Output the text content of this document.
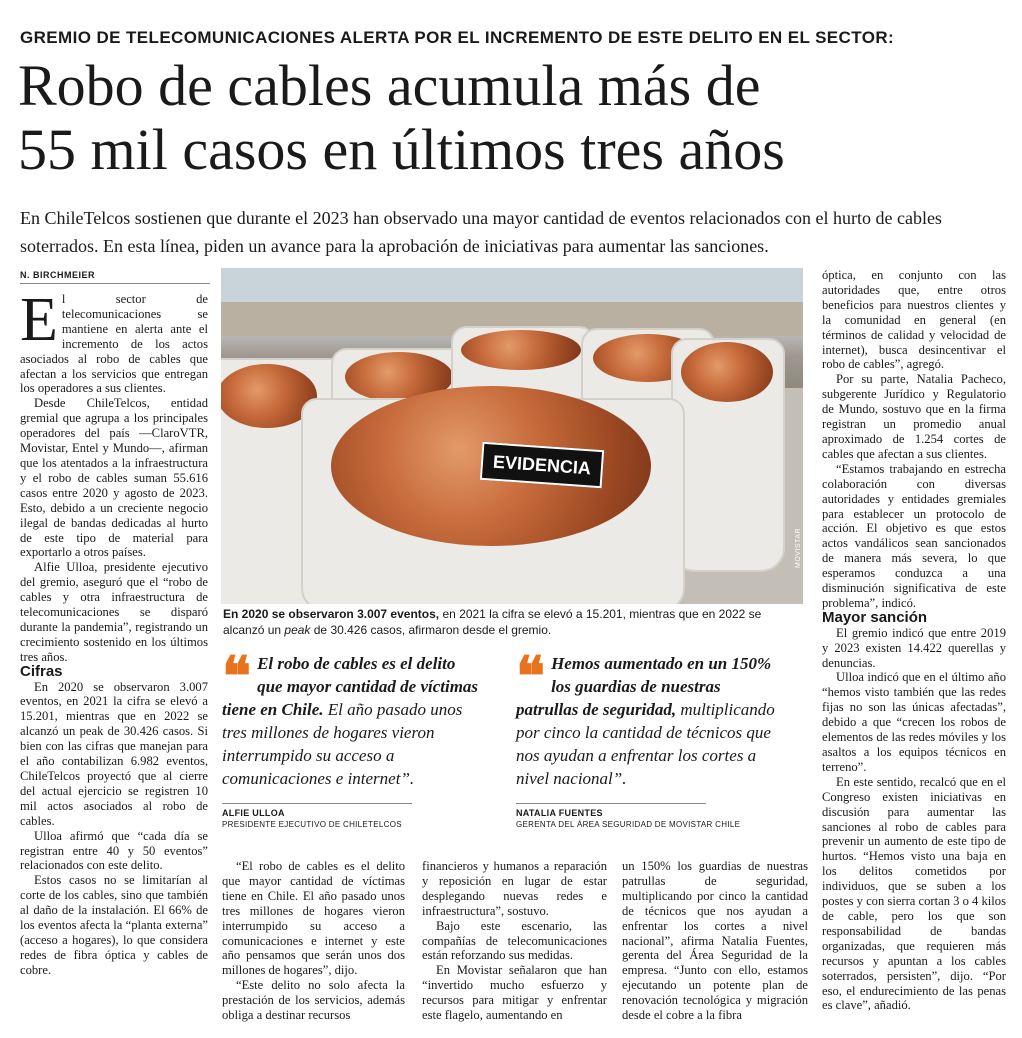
GREMIO DE TELECOMUNICACIONES ALERTA POR EL INCREMENTO DE ESTE DELITO EN EL SECTOR:
Robo de cables acumula más de
55 mil casos en últimos tres años
En ChileTelcos sostienen que durante el 2023 han observado una mayor cantidad de eventos relacionados con el hurto de cables soterrados. En esta línea, piden un avance para la aprobación de iniciativas para aumentar las sanciones.
N. BIRCHMEIER

El sector de telecomunicaciones se mantiene en alerta ante el incremento de los actos asociados al robo de cables que afectan a los servicios que entregan los operadores a sus clientes.

Desde ChileTelcos, entidad gremial que agrupa a los principales operadores del país —ClaroVTR, Movistar, Entel y Mundo—, afirman que los atentados a la infraestructura y el robo de cables suman 55.616 casos entre 2020 y agosto de 2023. Esto, debido a un creciente negocio ilegal de bandas dedicadas al hurto de este tipo de material para exportarlo a otros países.

Alfie Ulloa, presidente ejecutivo del gremio, aseguró que el “robo de cables y otra infraestructura de telecomunicaciones se disparó durante la pandemia”, registrando un crecimiento sostenido en los últimos tres años.

Cifras

En 2020 se observaron 3.007 eventos, en 2021 la cifra se elevó a 15.201, mientras que en 2022 se alcanzó un peak de 30.426 casos. Si bien con las cifras que manejan para el año contabilizan 6.982 eventos, ChileTelcos proyectó que al cierre del actual ejercicio se registren 10 mil actos asociados al robo de cables.

Ulloa afirmó que “cada día se registran entre 40 y 50 eventos” relacionados con este delito.

Estos casos no se limitarían al corte de los cables, sino que también al daño de la instalación. El 66% de los eventos afecta la “planta externa” (acceso a hogares), lo que considera redes de fibra óptica y cables de cobre.

EVIDENCIA
MOVISTAR
En 2020 se observaron 3.007 eventos, en 2021 la cifra se elevó a 15.201, mientras que en 2022 se alcanzó un peak de 30.426 casos, afirmaron desde el gremio.
❝ El robo de cables es el delito que mayor cantidad de víctimas tiene en Chile. El año pasado unos tres millones de hogares vieron interrumpido su acceso a comunicaciones e internet”.
ALFIE ULLOA
PRESIDENTE EJECUTIVO DE CHILETELCOS
❝ Hemos aumentado en un 150% los guardias de nuestras patrullas de seguridad, multiplicando por cinco la cantidad de técnicos que nos ayudan a enfrentar los cortes a nivel nacional”.
NATALIA FUENTES
GERENTA DEL ÁREA SEGURIDAD DE MOVISTAR CHILE

“El robo de cables es el delito que mayor cantidad de víctimas tiene en Chile. El año pasado unos tres millones de hogares vieron interrumpido su acceso a comunicaciones e internet y este año pensamos que serán unos dos millones de hogares”, dijo.

“Este delito no solo afecta la prestación de los servicios, además obliga a destinar recursos

financieros y humanos a reparación y reposición en lugar de estar desplegando nuevas redes e infraestructura”, sostuvo.

Bajo este escenario, las compañías de telecomunicaciones están reforzando sus medidas.

En Movistar señalaron que han “invertido mucho esfuerzo y recursos para mitigar y enfrentar este flagelo, aumentando en

un 150% los guardias de nuestras patrullas de seguridad, multiplicando por cinco la cantidad de técnicos que nos ayudan a enfrentar los cortes a nivel nacional”, afirma Natalia Fuentes, gerenta del Área Seguridad de la empresa. “Junto con ello, estamos ejecutando un potente plan de renovación tecnológica y migración desde el cobre a la fibra

óptica, en conjunto con las autoridades que, entre otros beneficios para nuestros clientes y la comunidad en general (en términos de calidad y velocidad de internet), busca desincentivar el robo de cables”, agregó.

Por su parte, Natalia Pacheco, subgerente Jurídico y Regulatorio de Mundo, sostuvo que en la firma registran un promedio anual aproximado de 1.254 cortes de cables que afectan a sus clientes.

“Estamos trabajando en estrecha colaboración con diversas autoridades y entidades gremiales para establecer un protocolo de acción. El objetivo es que estos actos vandálicos sean sancionados de manera más severa, lo que esperamos conduzca a una disminución significativa de este problema”, indicó.

Mayor sanción

El gremio indicó que entre 2019 y 2023 existen 14.422 querellas y denuncias.

Ulloa indicó que en el último año “hemos visto también que las redes fijas no son las únicas afectadas”, debido a que “crecen los robos de elementos de las redes móviles y los asaltos a los equipos técnicos en terreno”.

En este sentido, recalcó que en el Congreso existen iniciativas en discusión para aumentar las sanciones al robo de cables para prevenir un aumento de este tipo de hurtos. “Hemos visto una baja en los delitos cometidos por individuos, que se suben a los postes y con sierra cortan 3 o 4 kilos de cable, pero los que son responsabilidad de bandas organizadas, que requieren más recursos y apuntan a los cables soterrados, persisten”, dijo. “Por eso, el endurecimiento de las penas es clave”, añadió.
